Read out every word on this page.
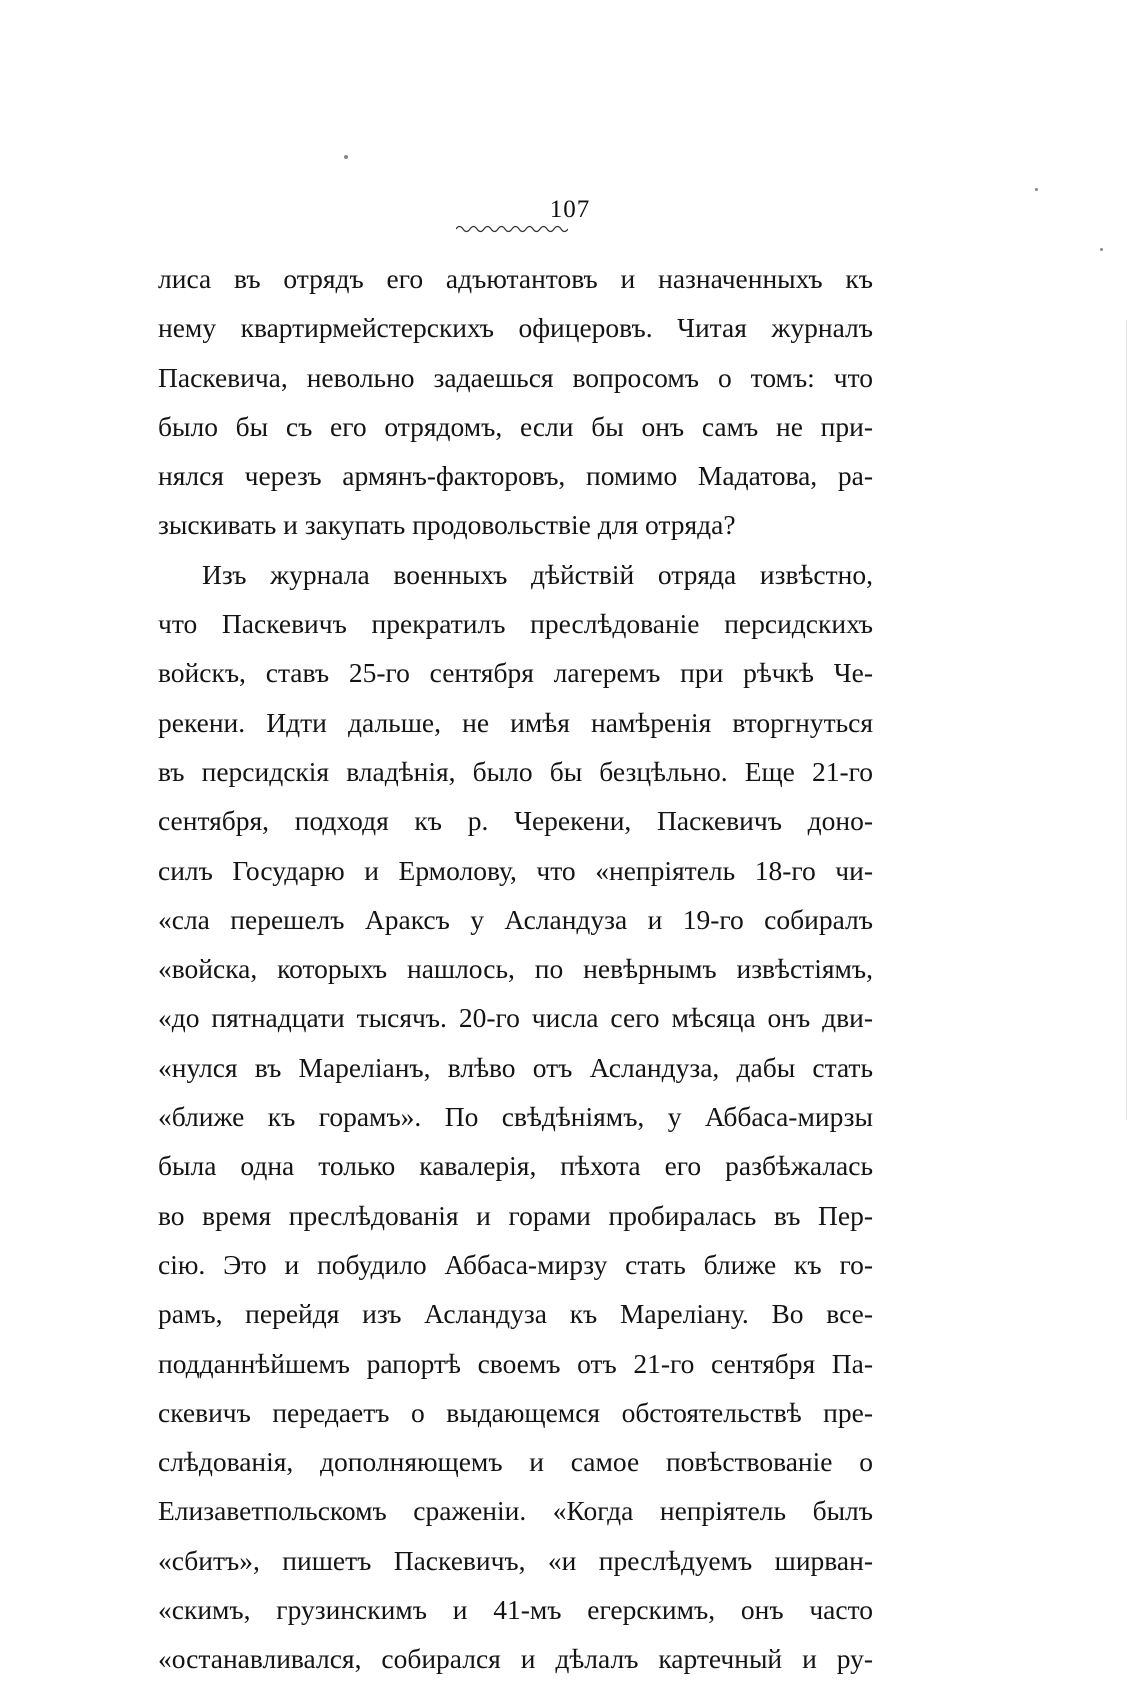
107
лиса въ отрядъ его адъютантовъ и назначенныхъ къ
нему квартирмейстерскихъ офицеровъ. Читая журналъ
Паскевича, невольно задаешься вопросомъ о томъ: что
было бы съ его отрядомъ, если бы онъ самъ не при-
нялся черезъ армянъ-факторовъ, помимо Мадатова, ра-
зыскивать и закупать продовольствіе для отряда?
Изъ журнала военныхъ дѣйствій отряда извѣстно,
что Паскевичъ прекратилъ преслѣдованіе персидскихъ
войскъ, ставъ 25-го сентября лагеремъ при рѣчкѣ Че-
рекени. Идти дальше, не имѣя намѣренія вторгнуться
въ персидскія владѣнія, было бы безцѣльно. Еще 21-го
сентября, подходя къ р. Черекени, Паскевичъ доно-
силъ Государю и Ермолову, что «непріятель 18-го чи-
«сла перешелъ Араксъ у Асландуза и 19-го собиралъ
«войска, которыхъ нашлось, по невѣрнымъ извѣстіямъ,
«до пятнадцати тысячъ. 20-го числа сего мѣсяца онъ дви-
«нулся въ Мареліанъ, влѣво отъ Асландуза, дабы стать
«ближе къ горамъ». По свѣдѣніямъ, у Аббаса-мирзы
была одна только кавалерія, пѣхота его разбѣжалась
во время преслѣдованія и горами пробиралась въ Пер-
сію. Это и побудило Аббаса-мирзу стать ближе къ го-
рамъ, перейдя изъ Асландуза къ Мареліану. Во все-
подданнѣйшемъ рапортѣ своемъ отъ 21-го сентября Па-
скевичъ передаетъ о выдающемся обстоятельствѣ пре-
слѣдованія, дополняющемъ и самое повѣствованіе о
Елизаветпольскомъ сраженіи. «Когда непріятель былъ
«сбитъ», пишетъ Паскевичъ, «и преслѣдуемъ ширван-
«скимъ, грузинскимъ и 41-мъ егерскимъ, онъ часто
«останавливался, собирался и дѣлалъ картечный и ру-
